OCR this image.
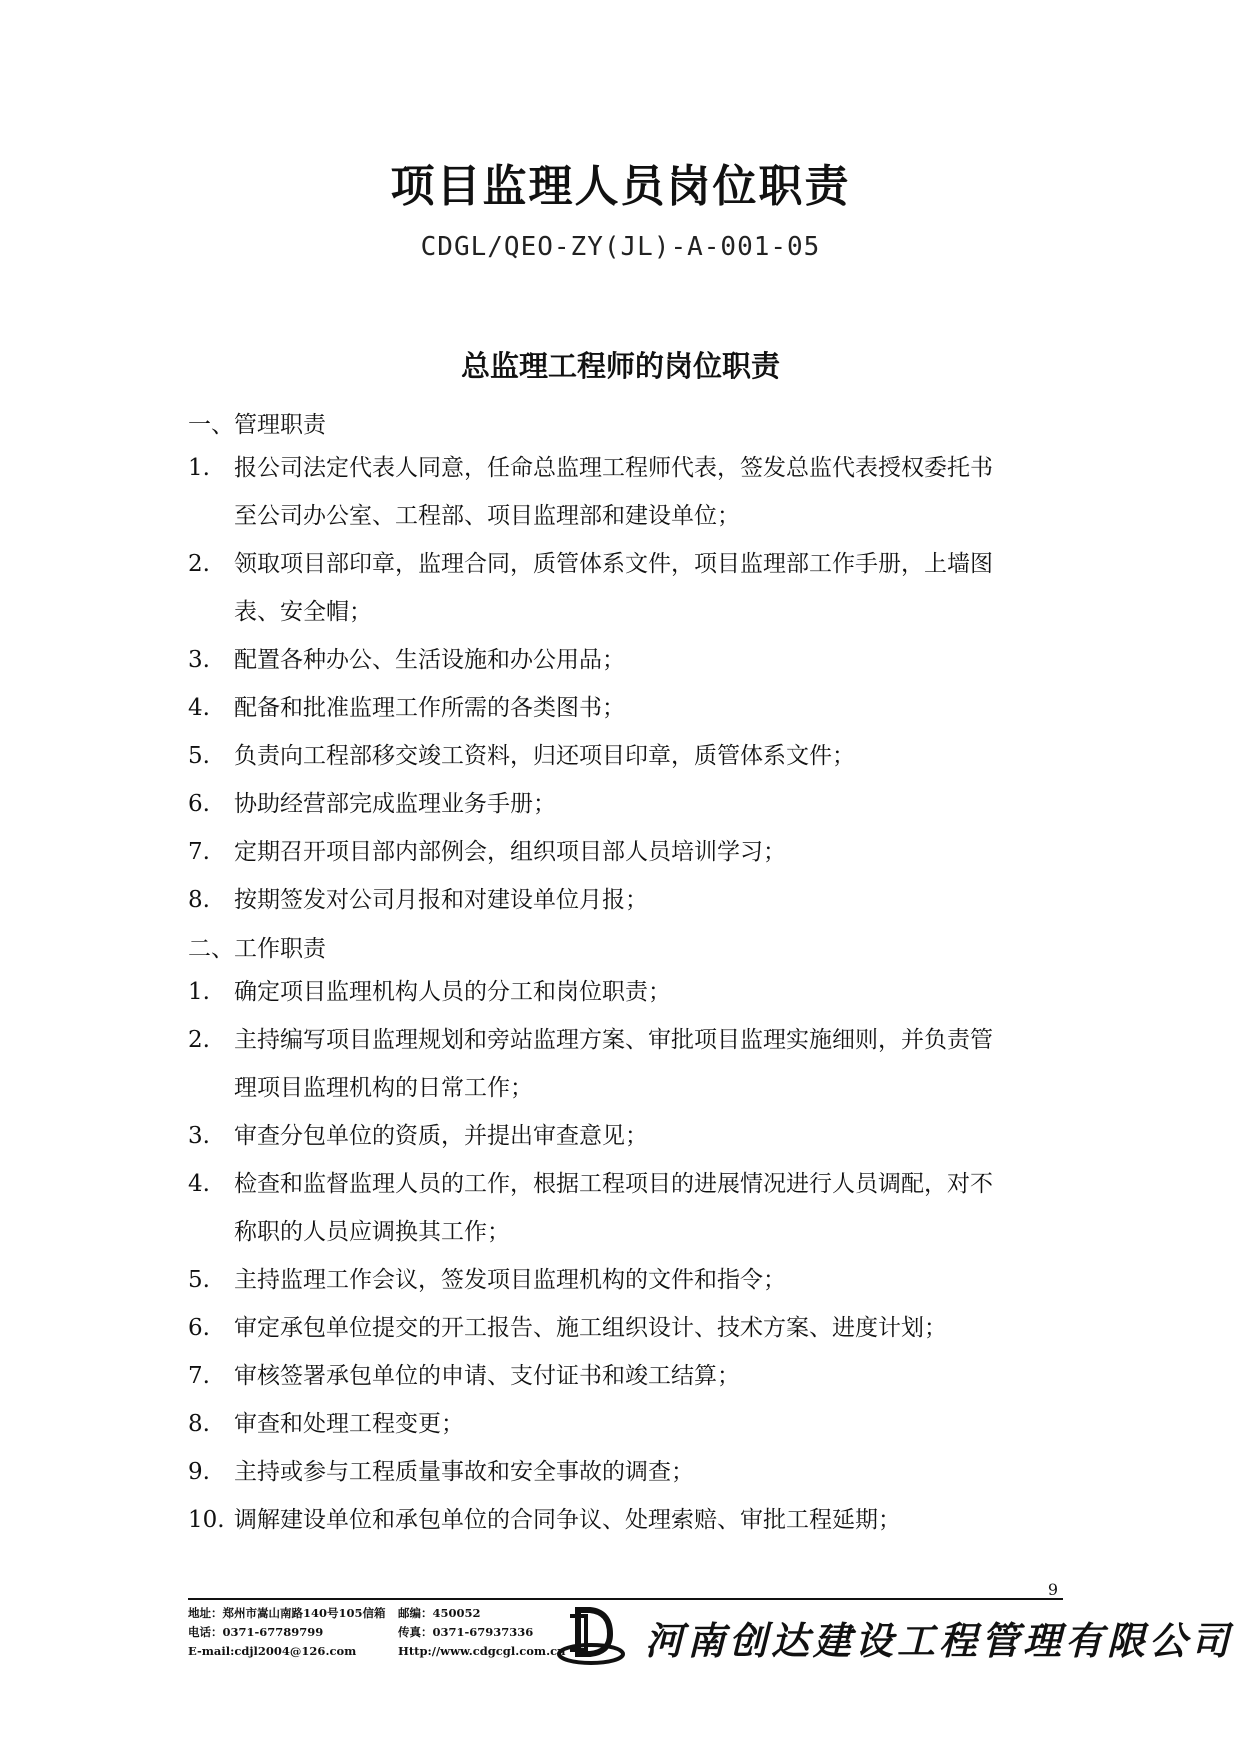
项目监理人员岗位职责
CDGL/QEO-ZY(JL)-A-001-05
总监理工程师的岗位职责
一、管理职责
1.	报公司法定代表人同意，任命总监理工程师代表，签发总监代表授权委托书
至公司办公室、工程部、项目监理部和建设单位；
2.	领取项目部印章，监理合同，质管体系文件，项目监理部工作手册，上墙图
表、安全帽；
3.	配置各种办公、生活设施和办公用品；
4.	配备和批准监理工作所需的各类图书；
5.	负责向工程部移交竣工资料，归还项目印章，质管体系文件；
6.	协助经营部完成监理业务手册；
7.	定期召开项目部内部例会，组织项目部人员培训学习；
8.	按期签发对公司月报和对建设单位月报；
二、工作职责
1.	确定项目监理机构人员的分工和岗位职责；
2.	主持编写项目监理规划和旁站监理方案、审批项目监理实施细则，并负责管
理项目监理机构的日常工作；
3.	审查分包单位的资质，并提出审查意见；
4.	检查和监督监理人员的工作，根据工程项目的进展情况进行人员调配，对不
称职的人员应调换其工作；
5.	主持监理工作会议，签发项目监理机构的文件和指令；
6.	审定承包单位提交的开工报告、施工组织设计、技术方案、进度计划；
7.	审核签署承包单位的申请、支付证书和竣工结算；
8.	审查和处理工程变更；
9.	主持或参与工程质量事故和安全事故的调查；
10. 调解建设单位和承包单位的合同争议、处理索赔、审批工程延期；
9
地址：郑州市嵩山南路140号105信箱	邮编：450052
电话：0371-67789799	传真：0371-67937336
E-mail:cdjl2004@126.com	Http://www.cdgcgl.com.cn 河南创达建设工程管理有限公司
